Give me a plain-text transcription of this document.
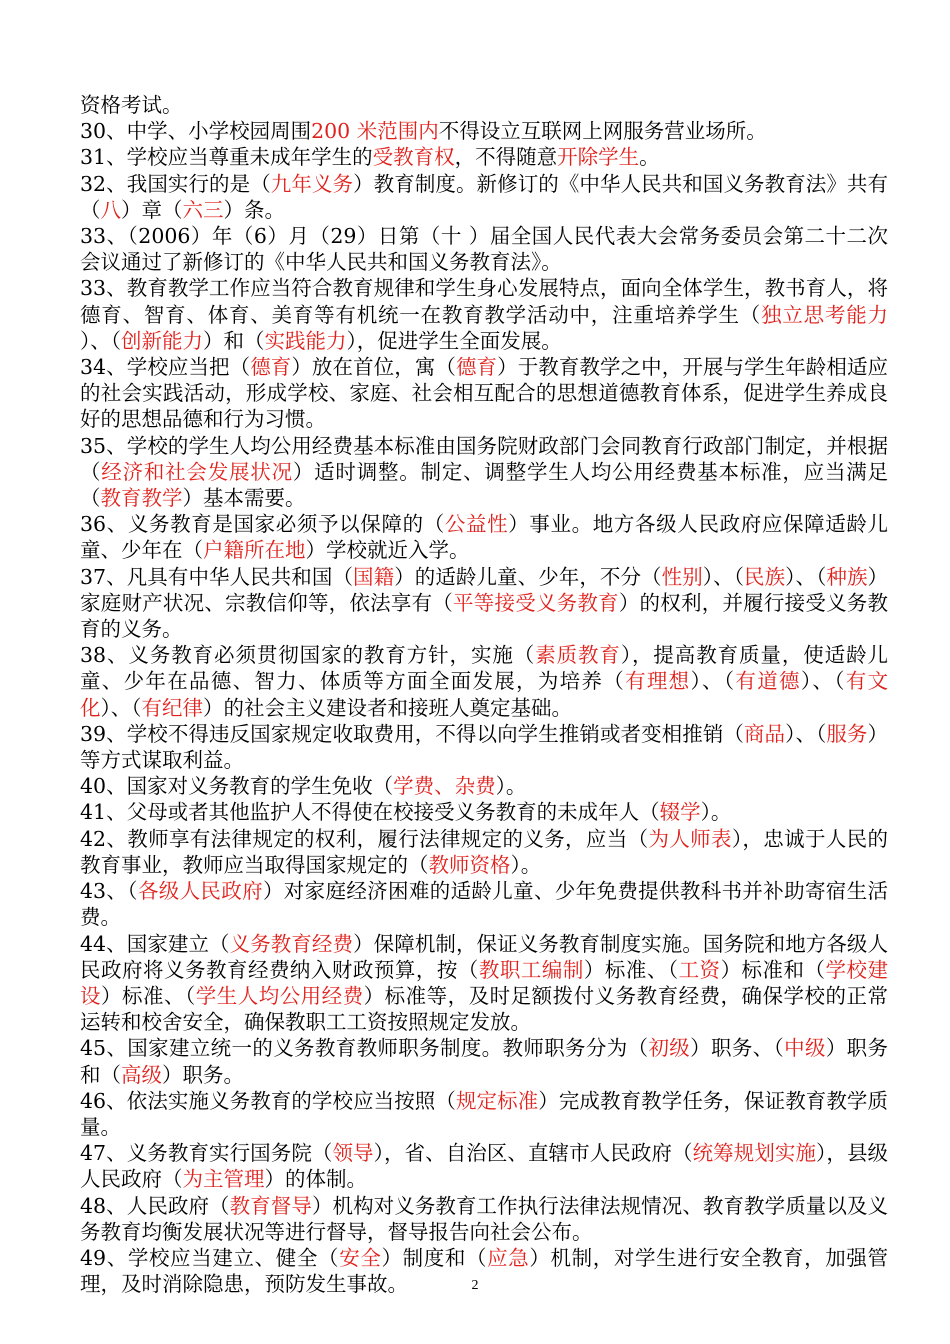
资格考试。

30、中学、小学校园周围200 米范围内不得设立互联网上网服务营业场所。

31、学校应当尊重未成年学生的受教育权，不得随意开除学生。

32、我国实行的是（九年义务）教育制度。新修订的《中华人民共和国义务教育法》共有（八）章（六三）条。

33、（2006）年（6）月（29）日第（十 ）届全国人民代表大会常务委员会第二十二次会议通过了新修订的《中华人民共和国义务教育法》。

33、教育教学工作应当符合教育规律和学生身心发展特点，面向全体学生，教书育人，将德育、智育、体育、美育等有机统一在教育教学活动中，注重培养学生（独立思考能力 ）、（创新能力）和（实践能力），促进学生全面发展。

34、学校应当把（德育）放在首位，寓（德育）于教育教学之中，开展与学生年龄相适应的社会实践活动，形成学校、家庭、社会相互配合的思想道德教育体系，促进学生养成良好的思想品德和行为习惯。

35、学校的学生人均公用经费基本标准由国务院财政部门会同教育行政部门制定，并根据（经济和社会发展状况）适时调整。制定、调整学生人均公用经费基本标准，应当满足（教育教学）基本需要。

36、义务教育是国家必须予以保障的（公益性）事业。地方各级人民政府应保障适龄儿童、少年在（户籍所在地）学校就近入学。

37、凡具有中华人民共和国（国籍）的适龄儿童、少年，不分（性别）、（民族）、（种族）家庭财产状况、宗教信仰等，依法享有（平等接受义务教育）的权利，并履行接受义务教育的义务。

38、义务教育必须贯彻国家的教育方针，实施（素质教育），提高教育质量，使适龄儿童、少年在品德、智力、体质等方面全面发展，为培养（有理想）、（有道德）、（有文化）、（有纪律）的社会主义建设者和接班人奠定基础。

39、学校不得违反国家规定收取费用，不得以向学生推销或者变相推销（商品）、（服务）等方式谋取利益。

40、国家对义务教育的学生免收（学费、杂费）。

41、父母或者其他监护人不得使在校接受义务教育的未成年人（辍学）。

42、教师享有法律规定的权利，履行法律规定的义务，应当（为人师表），忠诚于人民的教育事业，教师应当取得国家规定的（教师资格）。

43、（各级人民政府）对家庭经济困难的适龄儿童、少年免费提供教科书并补助寄宿生活费。

44、国家建立（义务教育经费）保障机制，保证义务教育制度实施。国务院和地方各级人民政府将义务教育经费纳入财政预算，按（教职工编制）标准、（工资）标准和（学校建设）标准、（学生人均公用经费）标准等，及时足额拨付义务教育经费，确保学校的正常运转和校舍安全，确保教职工工资按照规定发放。

45、国家建立统一的义务教育教师职务制度。教师职务分为（初级）职务、（中级）职务和（高级）职务。

46、依法实施义务教育的学校应当按照（规定标准）完成教育教学任务，保证教育教学质量。

47、义务教育实行国务院（领导），省、自治区、直辖市人民政府（统筹规划实施），县级人民政府（为主管理）的体制。

48、人民政府（教育督导）机构对义务教育工作执行法律法规情况、教育教学质量以及义务教育均衡发展状况等进行督导，督导报告向社会公布。

49、学校应当建立、健全（安全）制度和（应急）机制，对学生进行安全教育，加强管理，及时消除隐患，预防发生事故。	2
